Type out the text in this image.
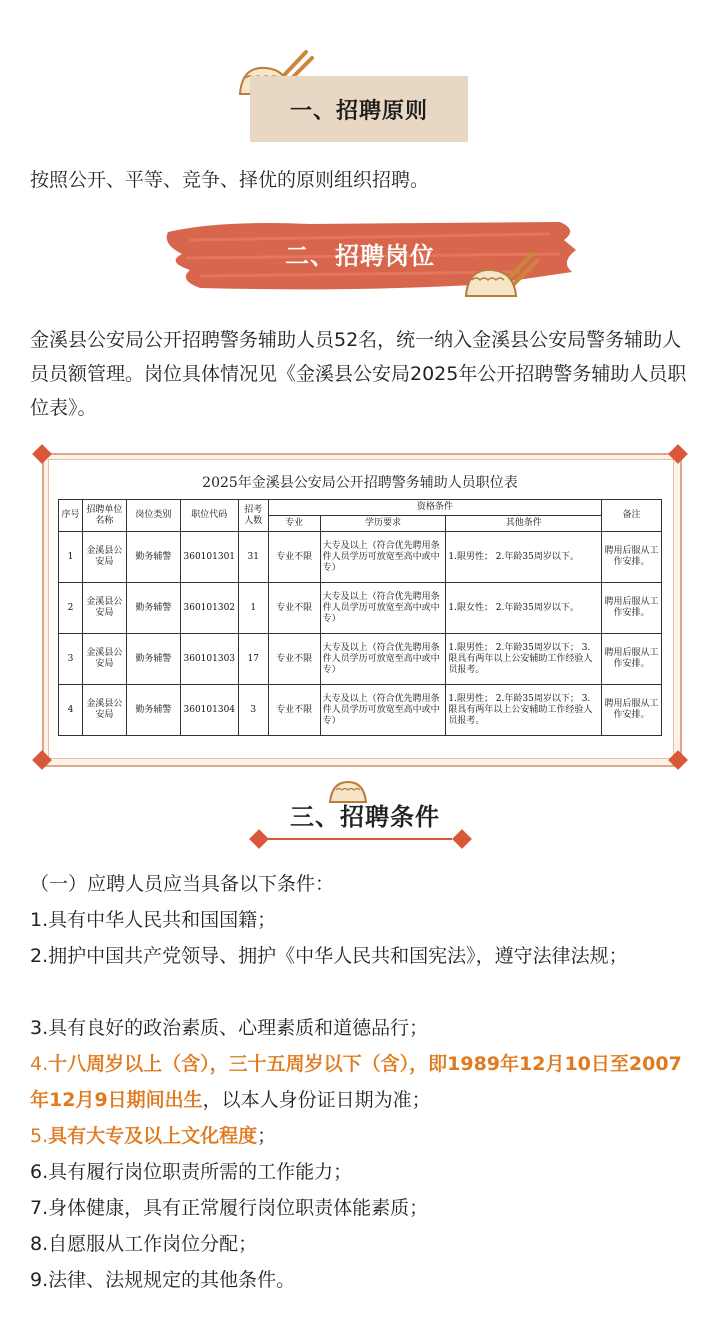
一、招聘原则
按照公开、平等、竞争、择优的原则组织招聘。
二、招聘岗位
金溪县公安局公开招聘警务辅助人员52名，统一纳入金溪县公安局警务辅助人员员额管理。岗位具体情况见《金溪县公安局2025年公开招聘警务辅助人员职位表》。
2025年金溪县公安局公开招聘警务辅助人员职位表
序号	招聘单位名称	岗位类别	职位代码	招考人数	资格条件			备注
					专业	学历要求	其他条件	
1	金溪县公安局	勤务辅警	360101301	31	专业不限	大专及以上（符合优先聘用条件人员学历可放宽至高中或中专）	1.限男性； 2.年龄35周岁以下。	聘用后服从工作安排。
2	金溪县公安局	勤务辅警	360101302	1	专业不限	大专及以上（符合优先聘用条件人员学历可放宽至高中或中专）	1.限女性； 2.年龄35周岁以下。	聘用后服从工作安排。
3	金溪县公安局	勤务辅警	360101303	17	专业不限	大专及以上（符合优先聘用条件人员学历可放宽至高中或中专）	1.限男性； 2.年龄35周岁以下； 3.限具有两年以上公安辅助工作经验人员报考。	聘用后服从工作安排。
4	金溪县公安局	勤务辅警	360101304	3	专业不限	大专及以上（符合优先聘用条件人员学历可放宽至高中或中专）	1.限男性； 2.年龄35周岁以下； 3.限具有两年以上公安辅助工作经验人员报考。	聘用后服从工作安排。
三、招聘条件
（一）应聘人员应当具备以下条件：
1.具有中华人民共和国国籍；
2.拥护中国共产党领导、拥护《中华人民共和国宪法》，遵守法律法规；
3.具有良好的政治素质、心理素质和道德品行；
4.十八周岁以上（含），三十五周岁以下（含），即1989年12月10日至2007年12月9日期间出生，以本人身份证日期为准；
5.具有大专及以上文化程度；
6.具有履行岗位职责所需的工作能力；
7.身体健康，具有正常履行岗位职责体能素质；
8.自愿服从工作岗位分配；
9.法律、法规规定的其他条件。
